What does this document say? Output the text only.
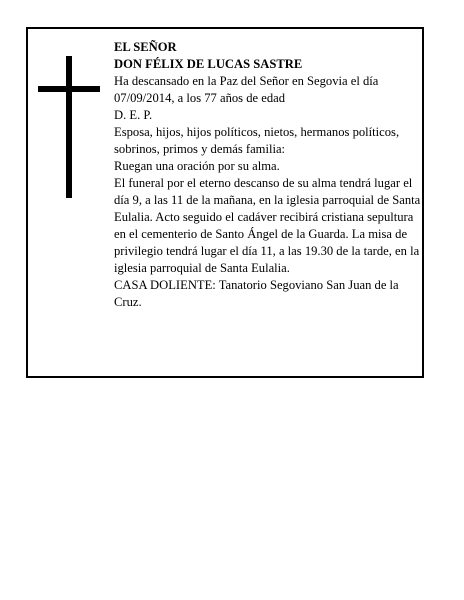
EL SEÑOR

DON FÉLIX DE LUCAS SASTRE

Ha descansado en la Paz del Señor en Segovia el día 07/09/2014, a los 77 años de edad

D. E. P.

Esposa, hijos, hijos políticos, nietos, hermanos políticos, sobrinos, primos y demás familia:

Ruegan una oración por su alma.

El funeral por el eterno descanso de su alma tendrá lugar el día 9, a las 11 de la mañana, en la iglesia parroquial de Santa Eulalia. Acto seguido el cadáver recibirá cristiana sepultura en el cementerio de Santo Ángel de la Guarda. La misa de privilegio tendrá lugar el día 11, a las 19.30 de la tarde, en la iglesia parroquial de Santa Eulalia.

CASA DOLIENTE: Tanatorio Segoviano San Juan de la Cruz.
